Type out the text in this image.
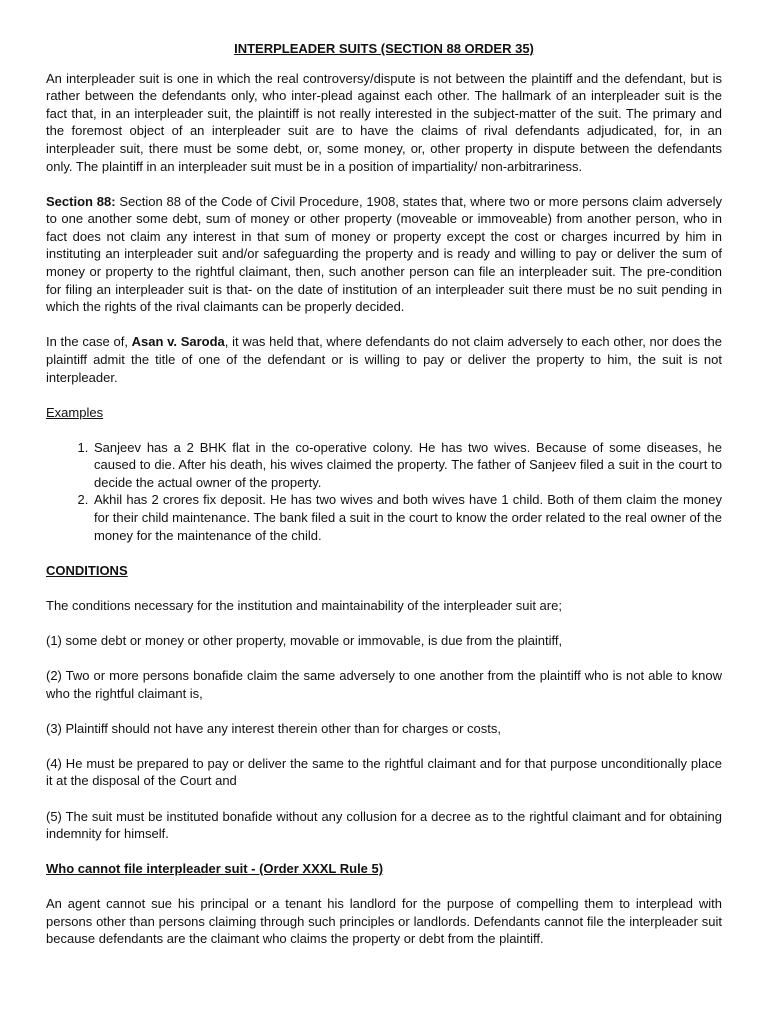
INTERPLEADER SUITS (SECTION 88 ORDER 35)

An interpleader suit is one in which the real controversy/dispute is not between the plaintiff and the defendant, but is rather between the defendants only, who inter-plead against each other. The hallmark of an interpleader suit is the fact that, in an interpleader suit, the plaintiff is not really interested in the subject-matter of the suit. The primary and the foremost object of an interpleader suit are to have the claims of rival defendants adjudicated, for, in an interpleader suit, there must be some debt, or, some money, or, other property in dispute between the defendants only. The plaintiff in an interpleader suit must be in a position of impartiality/ non-arbitrariness.

Section 88: Section 88 of the Code of Civil Procedure, 1908, states that, where two or more persons claim adversely to one another some debt, sum of money or other property (moveable or immoveable) from another person, who in fact does not claim any interest in that sum of money or property except the cost or charges incurred by him in instituting an interpleader suit and/or safeguarding the property and is ready and willing to pay or deliver the sum of money or property to the rightful claimant, then, such another person can file an interpleader suit. The pre-condition for filing an interpleader suit is that- on the date of institution of an interpleader suit there must be no suit pending in which the rights of the rival claimants can be properly decided.

In the case of, Asan v. Saroda, it was held that, where defendants do not claim adversely to each other, nor does the plaintiff admit the title of one of the defendant or is willing to pay or deliver the property to him, the suit is not interpleader.

Examples
1. Sanjeev has a 2 BHK flat in the co-operative colony. He has two wives. Because of some diseases, he caused to die. After his death, his wives claimed the property. The father of Sanjeev filed a suit in the court to decide the actual owner of the property.
2. Akhil has 2 crores fix deposit. He has two wives and both wives have 1 child. Both of them claim the money for their child maintenance. The bank filed a suit in the court to know the order related to the real owner of the money for the maintenance of the child.
CONDITIONS

The conditions necessary for the institution and maintainability of the interpleader suit are;

(1) some debt or money or other property, movable or immovable, is due from the plaintiff,

(2) Two or more persons bonafide claim the same adversely to one another from the plaintiff who is not able to know who the rightful claimant is,

(3) Plaintiff should not have any interest therein other than for charges or costs,

(4) He must be prepared to pay or deliver the same to the rightful claimant and for that purpose unconditionally place it at the disposal of the Court and

(5) The suit must be instituted bonafide without any collusion for a decree as to the rightful claimant and for obtaining indemnity for himself.

Who cannot file interpleader suit - (Order XXXL Rule 5)

An agent cannot sue his principal or a tenant his landlord for the purpose of compelling them to interplead with persons other than persons claiming through such principles or landlords. Defendants cannot file the interpleader suit because defendants are the claimant who claims the property or debt from the plaintiff.
